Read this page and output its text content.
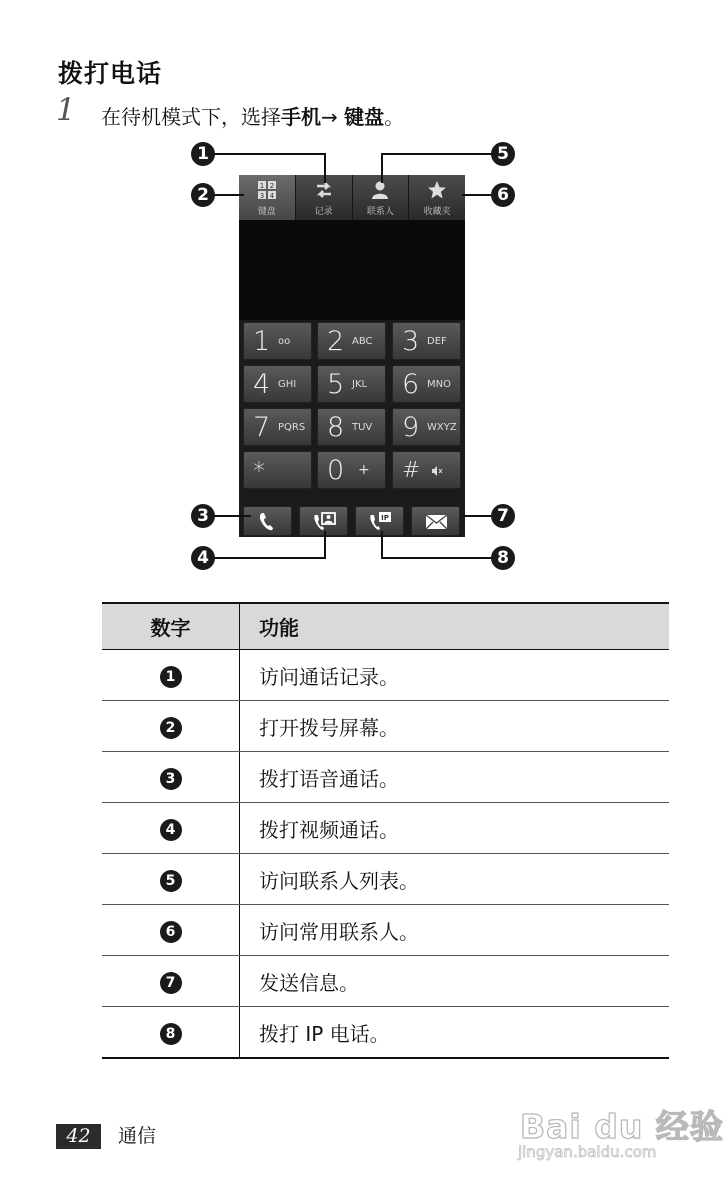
拨打电话
1 在待机模式下，选择手机→ 键盘。
1 2
3 4
键盘	记录	联系人	收藏夹
1 oo 2 ABC 3 DEF
4 GHI 5 JKL 6 MNO
7 PQRS 8 TUV 9 WXYZ
* 0 + #
IP
1
2
3
4
5
6
7
8
数字	功能
1	访问通话记录。
2	打开拨号屏幕。
3	拨打语音通话。
4	拨打视频通话。
5	访问联系人列表。
6	访问常用联系人。
7	发送信息。
8	拨打 IP 电话。
42	通信	Bai du 经验
jingyan.baidu.com
